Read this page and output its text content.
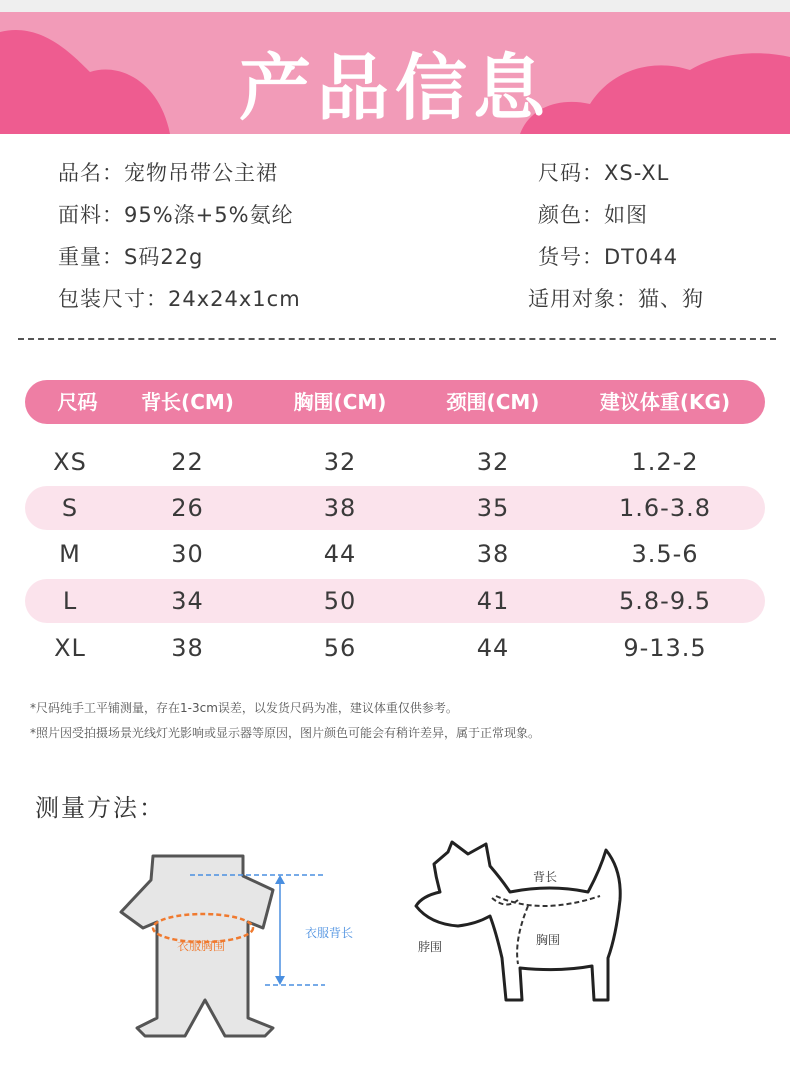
产品信息
品名：宠物吊带公主裙
面料：95%涤+5%氨纶
重量：S码22g
包装尺寸：24x24x1cm
尺码：XS-XL
颜色：如图
货号：DT044
适用对象：猫、狗
尺码	背长(CM)	胸围(CM)	颈围(CM)	建议体重(KG)
XS	22	32	32	1.2-2
S	26	38	35	1.6-3.8
M	30	44	38	3.5-6
L	34	50	41	5.8-9.5
XL	38	56	44	9-13.5
*尺码纯手工平铺测量，存在1-3cm误差，以发货尺码为准，建议体重仅供参考。
*照片因受拍摄场景光线灯光影响或显示器等原因，图片颜色可能会有稍许差异，属于正常现象。
测量方法：
衣服胸围
衣服背长
背长
脖围	胸围
